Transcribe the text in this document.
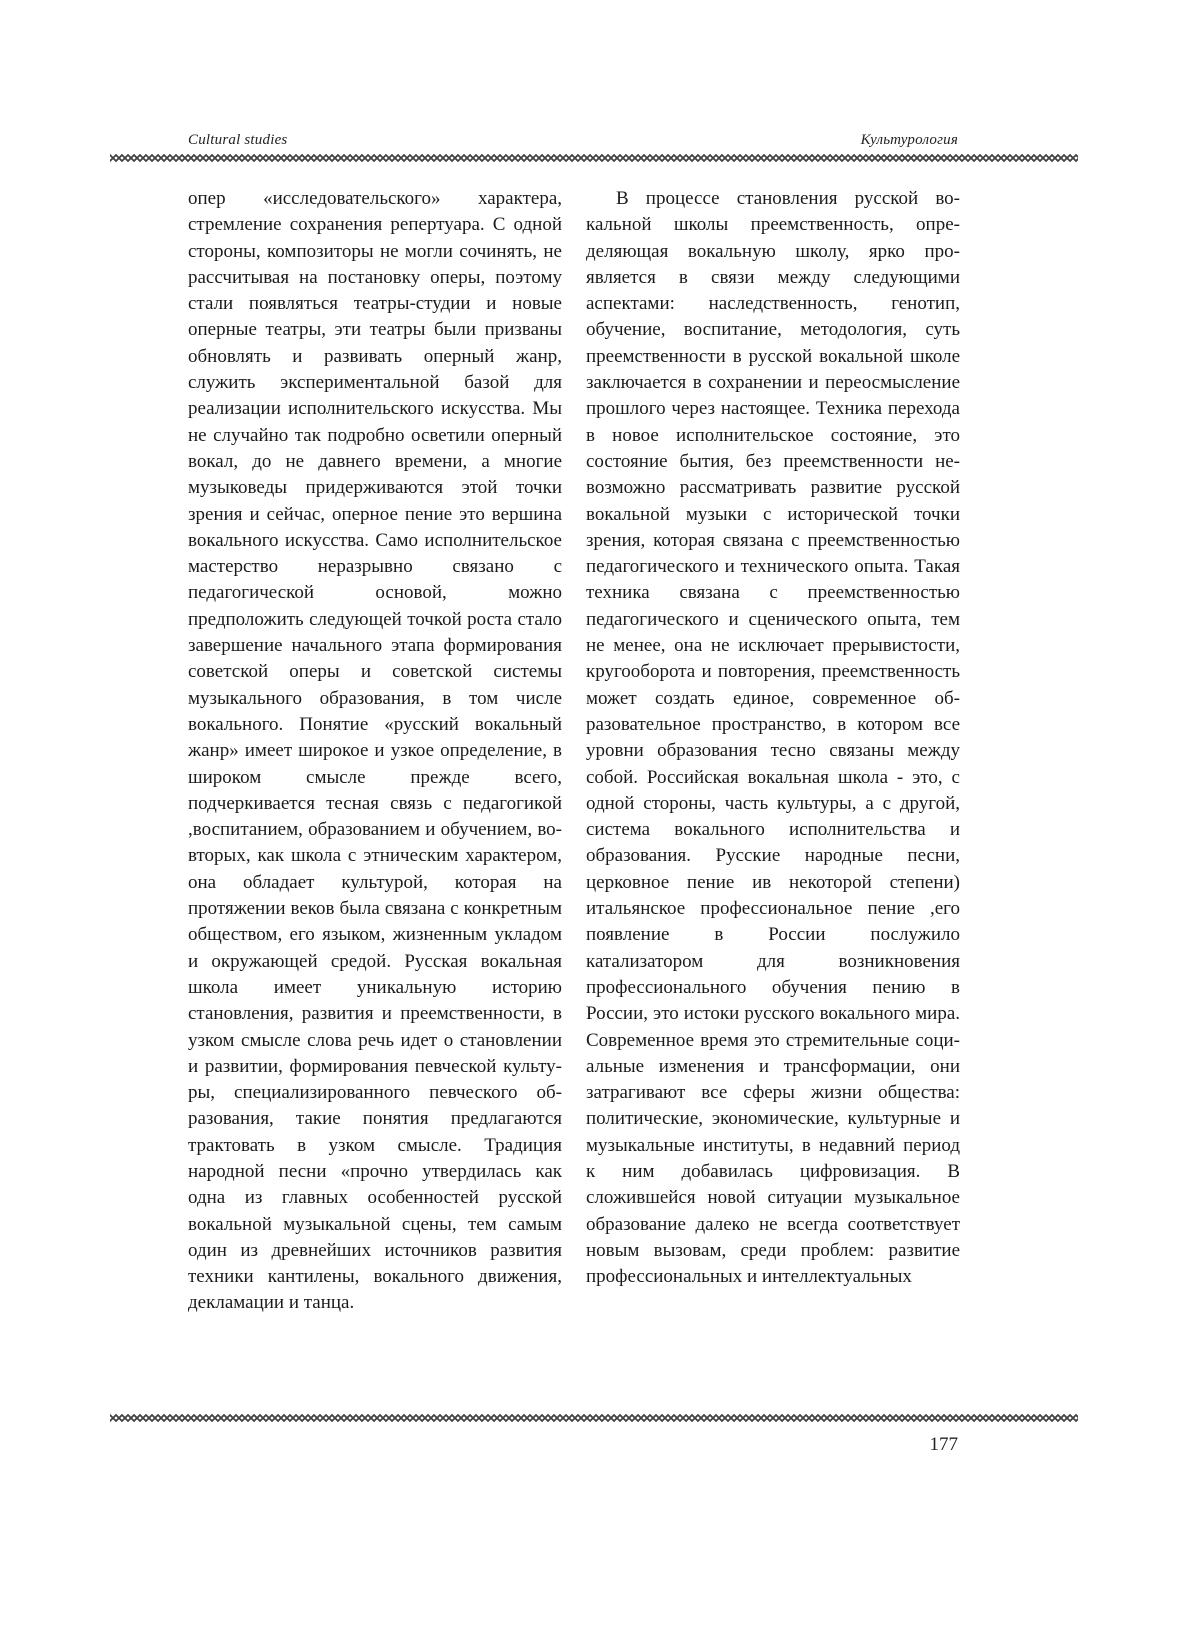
Cultural studies	Культурология

опер «исследовательского» характера, стремление сохранения репертуара. С одной стороны, композиторы не могли сочинять, не рассчитывая на постановку оперы, поэтому стали появляться театры-студии и новые оперные театры, эти театры были призваны обновлять и развивать оперный жанр, служить экспериментальной базой для реализации исполнительского искусства. Мы не случайно так подробно осветили оперный вокал, до не давнего времени, а многие музыковеды придерживаются этой точки зрения и сейчас, оперное пение это вершина вокального искусства. Само исполнительское мастерство неразрывно связано с педагогической основой, можно предположить следующей точкой роста стало завершение начального этапа формирования советской оперы и советской системы музыкального образования, в том числе вокального. Понятие «русский вокальный жанр» имеет широкое и узкое определение, в широком смысле прежде всего, подчеркивается тесная связь с педагогикой ,воспитанием, образованием и обучением, во-вторых, как школа с этническим характером, она обладает культурой, которая на протяжении веков была связана с конкретным обществом, его языком, жизненным укладом и окружающей средой. Русская вокальная школа имеет уникальную историю становления, развития и преемственности, в узком смысле слова речь идет о становлении и развитии, формирования певческой культуры, специализированного певческого образования, такие понятия предлагаются трактовать в узком смысле. Традиция народной песни «прочно утвердилась как одна из главных особенностей русской вокальной музыкальной сцены, тем самым один из древнейших источников развития техники кантилены, вокального движения, декламации и танца.

В процессе становления русской вокальной школы преемственность, определяющая вокальную школу, ярко проявляется в связи между следующими аспектами: наследственность, генотип, обучение, воспитание, методология, суть преемственности в русской вокальной школе заключается в сохранении и переосмысление прошлого через настоящее. Техника перехода в новое исполнительское состояние, это состояние бытия, без преемственности невозможно рассматривать развитие русской вокальной музыки с исторической точки зрения, которая связана с преемственностью педагогического и технического опыта. Такая техника связана с преемственностью педагогического и сценического опыта, тем не менее, она не исключает прерывистости, кругооборота и повторения, преемственность может создать единое, современное образовательное пространство, в котором все уровни образования тесно связаны между собой. Российская вокальная школа - это, с одной стороны, часть культуры, а с другой, система вокального исполнительства и образования. Русские народные песни, церковное пение ив некоторой степени) итальянское профессиональное пение ,его появление в России послужило катализатором для возникновения профессионального обучения пению в России, это истоки русского вокального мира. Современное время это стремительные социальные изменения и трансформации, они затрагивают все сферы жизни общества: политические, экономические, культурные и музыкальные институты, в недавний период к ним добавилась цифровизация. В сложившейся новой ситуации музыкальное образование далеко не всегда соответствует новым вызовам, среди проблем: развитие профессиональных и интеллектуальных

177
